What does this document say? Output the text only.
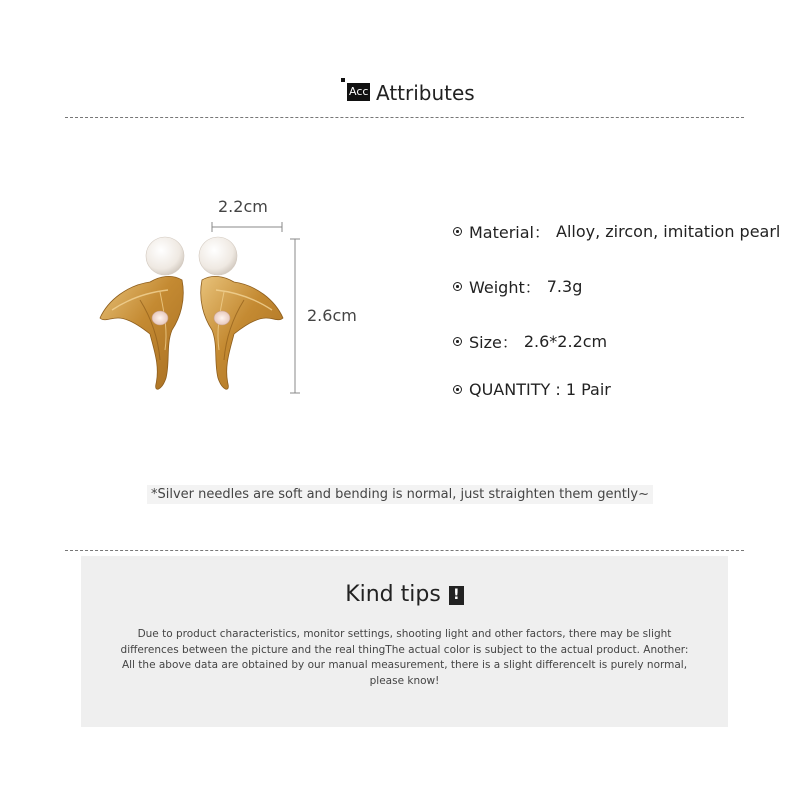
Acc Attributes
2.2cm
2.6cm
Material： Alloy, zircon, imitation pearl
Weight： 7.3g
Size： 2.6*2.2cm
QUANTITY : 1 Pair
*Silver needles are soft and bending is normal, just straighten them gently~
Kind tips !
Due to product characteristics, monitor settings, shooting light and other factors, there may be slight differences between the picture and the real thingThe actual color is subject to the actual product. Another: All the above data are obtained by our manual measurement, there is a slight differenceIt is purely normal, please know!
